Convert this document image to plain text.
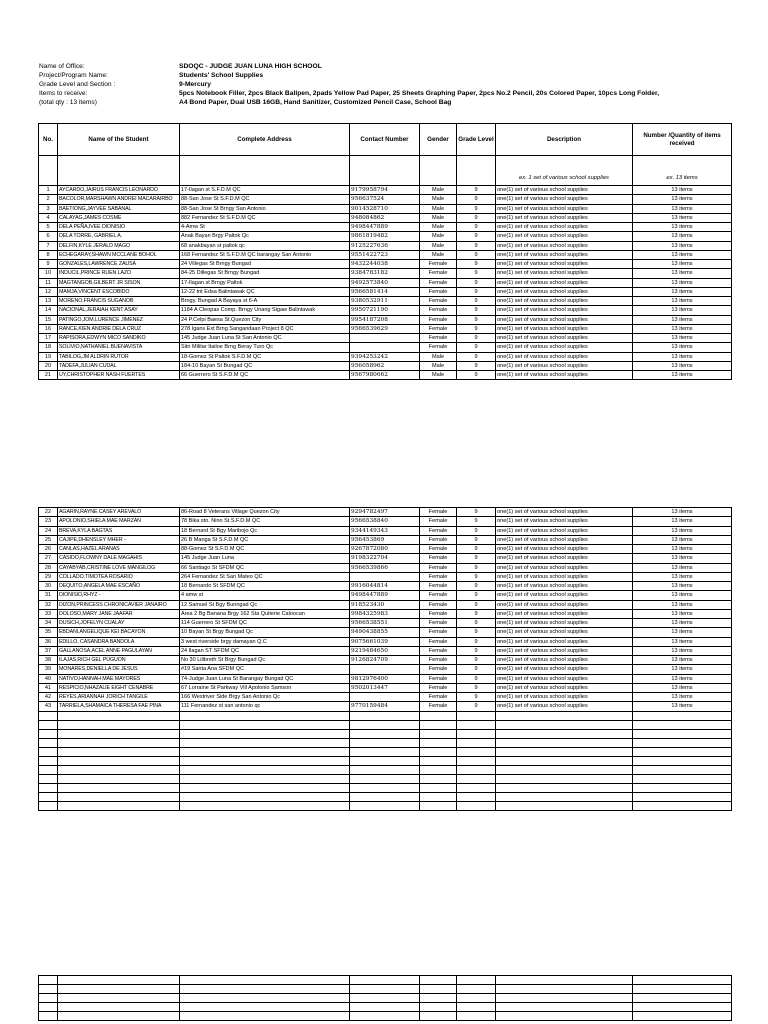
Name of Office:	SDOQC - JUDGE JUAN LUNA HIGH SCHOOL
Project/Program Name:	Students' School Supplies
Grade Level and Section :	9-Mercury
Items to receive:	5pcs Notebook Filler, 2pcs Black Ballpen, 2pads Yellow Pad Paper, 25 Sheets Graphing Paper, 2pcs No.2 Pencil, 20s Colored Paper, 10pcs Long Folder,
(total qty : 13 items)	A4 Bond Paper, Dual USB 16GB, Hand Sanitizer, Customized Pencil Case, School Bag
No.	Name of the Student	Complete Address	Contact Number	Gender	Grade Level	Description	Number /Quantity of items received
						ex. 1 set of various school supplies	ex. 13 items
1	AYCARDO,JAIRUS FRANCIS LEONARDO	17-Ilagan st S.F.D.M QC	9179958794	Male	9	one(1) set of various school supplies	13 items
2	BACOLOR,MARSHAWN ANDREI MACARAIRBO	88-San Jose St S.F.D.M QC	956637524	Male	9	one(1) set of various school supplies	13 items
3	BAETIONG,JAYVEE SABANAL	88-San Jose St Brngy San Antonio	9014528710	Male	9	one(1) set of various school supplies	13 items
4	CALAYAG,JAMES COSME	882 Fernandez St S.F.D.M QC	948084862	Male	9	one(1) set of various school supplies	13 items
5	DELA PEÑA,IVEE DIONISIO	4-Amw St	9498447889	Male	9	one(1) set of various school supplies	13 items
6	DELA TORRE, GABRIEL A.	Anak Bayan Brgy Paltok Qc	9861819482	Male	9	one(1) set of various school supplies	13 items
7	DELFIN,KYLE JERALD MAGO	68 anakbayan st paltok qc	9125227636	Male	9	one(1) set of various school supplies	13 items
8	ECHEGARAY,SHAWN MCCLANE BOHOL	168 Fernandez St S.F.D.M QC barangay San Antonio	9551422723	Male	9	one(1) set of various school supplies	13 items
9	GONZALES,LAWRENCE ZAUSA	24 Villegas St Brngy Bungad	9432244038	Female	9	one(1) set of various school supplies	13 items
10	INDUCIL,PRINCE RUEN LAZO	84-25 Dillegas St Brngy Bungad	9384783182	Female	9	one(1) set of various school supplies	13 items
11	MAGTANGOB,GILBERT JR SISON	17-Ilagan st Brngy Paltok	9492573840	Female	9	one(1) set of various school supplies	13 items
12	MAMJA,VINCENT ESCOBIDO	12-22 tnt Edsa Balintawak QC	9566581414	Female	9	one(1) set of various school supplies	13 items
13	MORENO,FRANCIS SUGANOB	Brngy. Bungad A Bayaya st 6-A	9380532911	Female	9	one(1) set of various school supplies	13 items
14	NACIONAL,JERAIAH KENT ASAY	1184 A Cleopas Comp. Brngy Unang Sigaw Balintawak	9950721190	Female	9	one(1) set of various school supplies	13 items
15	PATINGO,JOM.LURENCE JIMENEZ	24 P.Celpi Baesa St.Quezon City	9954187208	Female	9	one(1) set of various school supplies	13 items
16	RANCE,KIEN ANDRIE DELA CRUZ	278 Igans Ext Brng Sangandaan Project 8 QC	9566539629	Female	9	one(1) set of various school supplies	13 items
17	RAPISORA,EDWYN MICO SANDIKO	145 Judge Juan Luna St San Antonio QC		Female	9	one(1) set of various school supplies	13 items
18	SOLIVIO,NATHANIEL BUENAVISTA	Sitri Militar Itailoe Brng Beray Turo Qc		Female	9	one(1) set of various school supplies	13 items
19	TABILOG,JM ALDRIN RUTOR	18-Gomez St Paltok S.F.D.M QC	9394253242	Male	9	one(1) set of various school supplies	13 items
20	TADEFA,JULIAN CUDAL	184-10 Bayan St Bungad QC	956058962	Male	9	one(1) set of various school supplies	13 items
21	UY,CHRISTOPHER NASH FUERTES	66 Guerrero St S.F.D.M QC	9567980662	Male	9	one(1) set of various school supplies	13 items
22	AGARIN,RAYNE CASEY AREVALO	86-Road 8 Veterans Village Quezon City	9294782497	Female	9	one(1) set of various school supplies	13 items
23	APOLONIO,SHIELA MAE MARZAN	78 Bika sto. Nino St S.F.D.M QC	9566538840	Female	9	one(1) set of various school supplies	13 items
24	BREVA,KYLA BAGTAS	18 Bernard St Bgy Maribojo Qc	9344149343	Female	9	one(1) set of various school supplies	13 items
25	CAJIPE,DHENSLEY MHER -	26 B Manga St S.F.D.M QC	956453869	Female	9	one(1) set of various school supplies	13 items
26	CANLAS,HAZEL ARANAS	88-Gomez St S.F.D.M QC	9267872080	Female	9	one(1) set of various school supplies	13 items
27	CASIDO,FLOWNY DALE MAGAHIS	145 Judge Juan Luna	9198322704	Female	9	one(1) set of various school supplies	13 items
28	CAYABYAB,CRISTINE LOVE MANGILOG	66 Santiago St SFDM QC	9566539866	Female	9	one(1) set of various school supplies	13 items
29	COLLADO,TIMOTEA ROSARIO	264 Fernandez St San Mateo QC		Female	9	one(1) set of various school supplies	13 items
30	DEQUITO,ANGELA MAE ESCAÑO	18 Bernardo St SFDM QC	9916044814	Female	9	one(1) set of various school supplies	13 items
31	DIONISIO,RHYZ -	4 amw st	9498447889	Female	9	one(1) set of various school supplies	13 items
32	DIZON,PRINCESS CHRONICAVIER JANAIRO	12 Samuel St Bgy Bunngad Qc	918523430	Female	9	one(1) set of various school supplies	13 items
33	DOLOSO,MARY JANE JAAFAR	Area 2 Bg Banana Brgy 162 Sta Quiterie Caloocan	9984325983	Female	9	one(1) set of various school supplies	13 items
34	DUSICH,JOFELYN CUALAY	114 Guerrero St SFDM QC	9566538551	Female	9	one(1) set of various school supplies	13 items
35	EBDANI,ANGELIQUE KEI BACAYON	10 Bayan St Brgy Bungad Qc	9490438855	Female	9	one(1) set of various school supplies	13 items
36	EDILLO, CASANDRA BANDOLA	3 west riverside brgy damayan Q.C	9075661039	Female	9	one(1) set of various school supplies	13 items
37	GALLANOSA,ACEL ANNE PAGULAYAN	24 Ilagan ST SFDM QC	9219484650	Female	9	one(1) set of various school supplies	13 items
38	ILAJAS,RICH GEL PUGUON	No 30 Lilibreth St Brgy Bungad Qc	9126824709	Female	9	one(1) set of various school supplies	13 items
39	MONARES,DENIELLA DE JESUS	#19 Santa Ana SFDM QC		Female	9	one(1) set of various school supplies	13 items
40	NATIVO,HANNAH MAE MAYORES	74-Judge Juan Luna St Barangay Bungad QC	9812976400	Female	9	one(1) set of various school supplies	13 items
41	RESPICIO,NHAZALIE EIGHT CENABRE	67 Lorraine St Parkway Vill Apolonio Samson	9502013447	Female	9	one(1) set of various school supplies	13 items
42	REYES,ARIANNAH JORICH TANGILE	166 Westriver Side Brgy San Antonio Qc		Female	9	one(1) set of various school supplies	13 items
43	TARRIELA,SHAMAICA THERESA FAE PINA	111 Fernandez st san antonio qc	9770159484	Female	9	one(1) set of various school supplies	13 items
